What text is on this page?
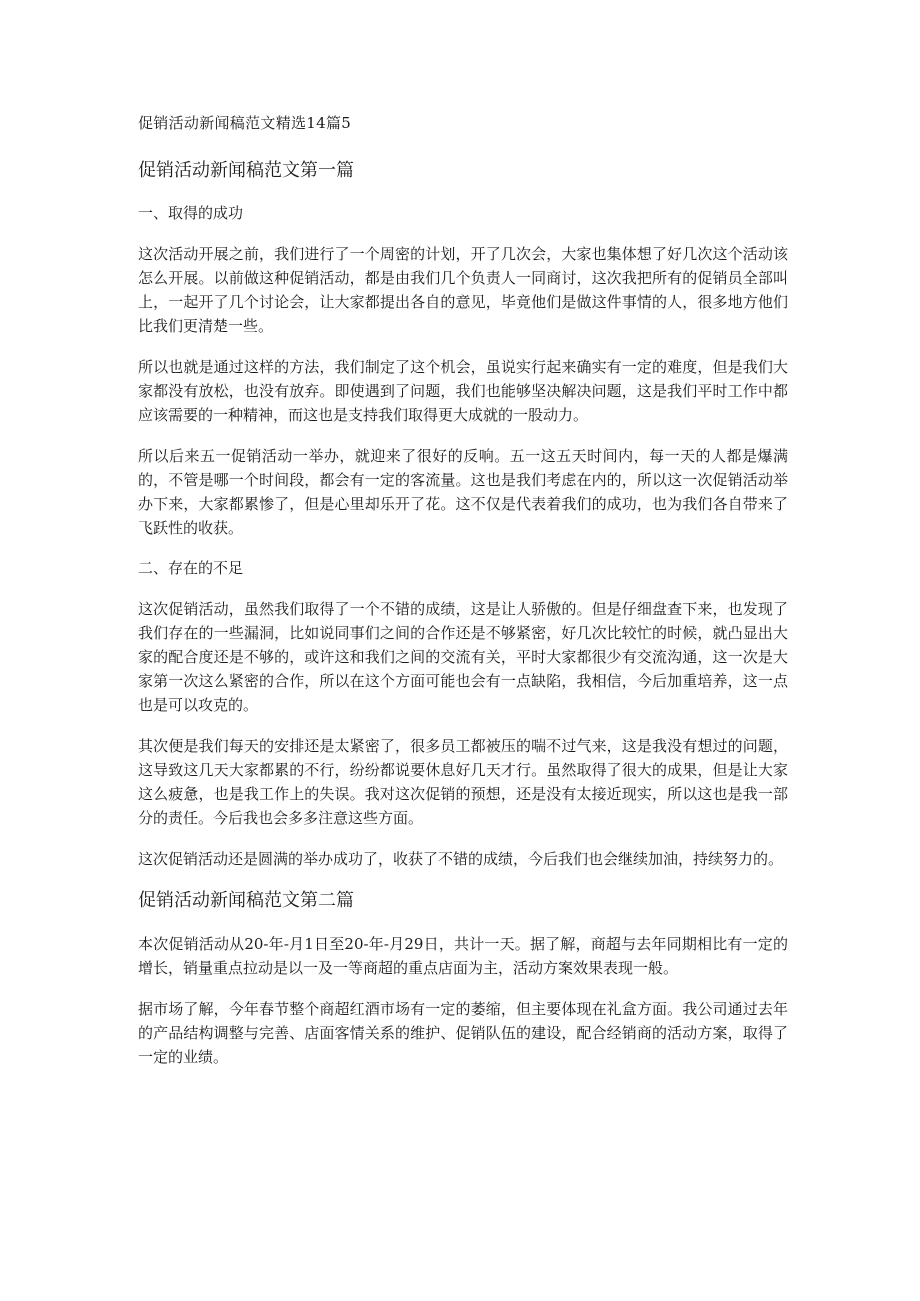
促销活动新闻稿范文精选14篇5
促销活动新闻稿范文第一篇
一、取得的成功

这次活动开展之前，我们进行了一个周密的计划，开了几次会，大家也集体想了好几次这个活动该怎么开展。以前做这种促销活动，都是由我们几个负责人一同商讨，这次我把所有的促销员全部叫上，一起开了几个讨论会，让大家都提出各自的意见，毕竟他们是做这件事情的人，很多地方他们比我们更清楚一些。

所以也就是通过这样的方法，我们制定了这个机会，虽说实行起来确实有一定的难度，但是我们大家都没有放松，也没有放弃。即使遇到了问题，我们也能够坚决解决问题，这是我们平时工作中都应该需要的一种精神，而这也是支持我们取得更大成就的一股动力。

所以后来五一促销活动一举办，就迎来了很好的反响。五一这五天时间内，每一天的人都是爆满的，不管是哪一个时间段，都会有一定的客流量。这也是我们考虑在内的，所以这一次促销活动举办下来，大家都累惨了，但是心里却乐开了花。这不仅是代表着我们的成功，也为我们各自带来了飞跃性的收获。

二、存在的不足

这次促销活动，虽然我们取得了一个不错的成绩，这是让人骄傲的。但是仔细盘查下来，也发现了我们存在的一些漏洞，比如说同事们之间的合作还是不够紧密，好几次比较忙的时候，就凸显出大家的配合度还是不够的，或许这和我们之间的交流有关，平时大家都很少有交流沟通，这一次是大家第一次这么紧密的合作，所以在这个方面可能也会有一点缺陷，我相信，今后加重培养，这一点也是可以攻克的。

其次便是我们每天的安排还是太紧密了，很多员工都被压的喘不过气来，这是我没有想过的问题，这导致这几天大家都累的不行，纷纷都说要休息好几天才行。虽然取得了很大的成果，但是让大家这么疲惫，也是我工作上的失误。我对这次促销的预想，还是没有太接近现实，所以这也是我一部分的责任。今后我也会多多注意这些方面。

这次促销活动还是圆满的举办成功了，收获了不错的成绩，今后我们也会继续加油，持续努力的。

促销活动新闻稿范文第二篇

本次促销活动从20-年-月1日至20-年-月29日，共计一天。据了解，商超与去年同期相比有一定的增长，销量重点拉动是以一及一等商超的重点店面为主，活动方案效果表现一般。

据市场了解，今年春节整个商超红酒市场有一定的萎缩，但主要体现在礼盒方面。我公司通过去年的产品结构调整与完善、店面客情关系的维护、促销队伍的建设，配合经销商的活动方案，取得了一定的业绩。
